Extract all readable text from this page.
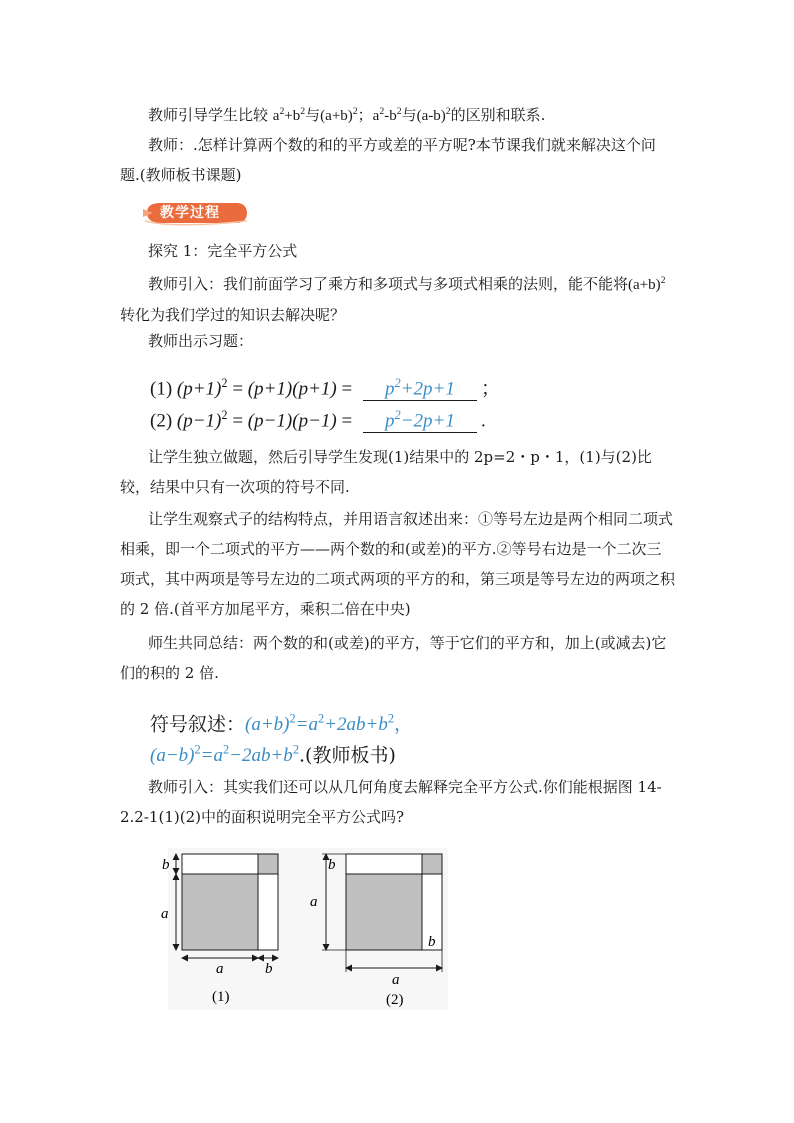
教师引导学生比较 $a^2+b^2$与$(a+b)^2$；$a^2-b^2$与$(a-b)^2$的区别和联系.
教师：.怎样计算两个数的和的平方或差的平方呢?本节课我们就来解决这个问题.(教师板书课题)
教学过程
探究 1：完全平方公式
教师引入：我们前面学习了乘方和多项式与多项式相乘的法则，能不能将$(a+b)^2$转化为我们学过的知识去解决呢？
教师出示习题：
(1) $(p+1)^2 = (p+1)(p+1) = p^2+2p+1$ ；
(2) $(p-1)^2 = (p-1)(p-1) = p^2-2p+1$ .
让学生独立做题，然后引导学生发现(1)结果中的 2p=2・p・1，(1)与(2)比较，结果中只有一次项的符号不同.
让学生观察式子的结构特点，并用语言叙述出来：①等号左边是两个相同二项式相乘，即一个二项式的平方——两个数的和(或差)的平方.②等号右边是一个二次三项式，其中两项是等号左边的二项式两项的平方的和，第三项是等号左边的两项之积的 2 倍.(首平方加尾平方，乘积二倍在中央)
师生共同总结：两个数的和(或差)的平方，等于它们的平方和，加上(或减去)它们的积的 2 倍.
符号叙述：$(a+b)^2=a^2+2ab+b^2$，
$(a-b)^2=a^2-2ab+b^2$.(教师板书)
教师引入：其实我们还可以从几何角度去解释完全平方公式.你们能根据图 14-2.2-1(1)(2)中的面积说明完全平方公式吗?
b
a
a	b
(1)
a
b
b
a
(2)
